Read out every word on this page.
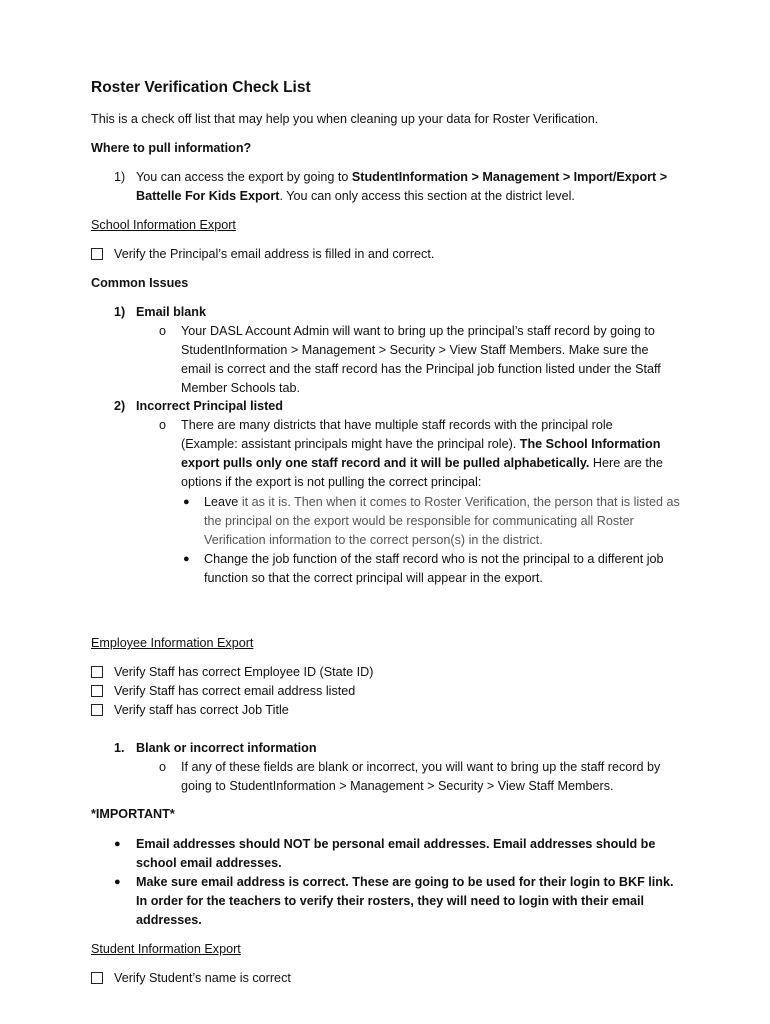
Roster Verification Check List

This is a check off list that may help you when cleaning up your data for Roster Verification.

Where to pull information?

1) You can access the export by going to StudentInformation > Management > Import/Export > Battelle For Kids Export. You can only access this section at the district level.

School Information Export

Verify the Principal’s email address is filled in and correct.

Common Issues

1) Email blank
o Your DASL Account Admin will want to bring up the principal’s staff record by going to StudentInformation > Management > Security > View Staff Members. Make sure the email is correct and the staff record has the Principal job function listed under the Staff Member Schools tab.

2) Incorrect Principal listed
o There are many districts that have multiple staff records with the principal role (Example: assistant principals might have the principal role). The School Information export pulls only one staff record and it will be pulled alphabetically. Here are the options if the export is not pulling the correct principal:

● Leave it as it is. Then when it comes to Roster Verification, the person that is listed as the principal on the export would be responsible for communicating all Roster Verification information to the correct person(s) in the district.

● Change the job function of the staff record who is not the principal to a different job function so that the correct principal will appear in the export.

Employee Information Export

Verify Staff has correct Employee ID (State ID)
Verify Staff has correct email address listed
Verify staff has correct Job Title
1. Blank or incorrect information
o If any of these fields are blank or incorrect, you will want to bring up the staff record by going to StudentInformation > Management > Security > View Staff Members.

*IMPORTANT*

● Email addresses should NOT be personal email addresses. Email addresses should be school email addresses.

● Make sure email address is correct. These are going to be used for their login to BKF link. In order for the teachers to verify their rosters, they will need to login with their email addresses.

Student Information Export

Verify Student’s name is correct
